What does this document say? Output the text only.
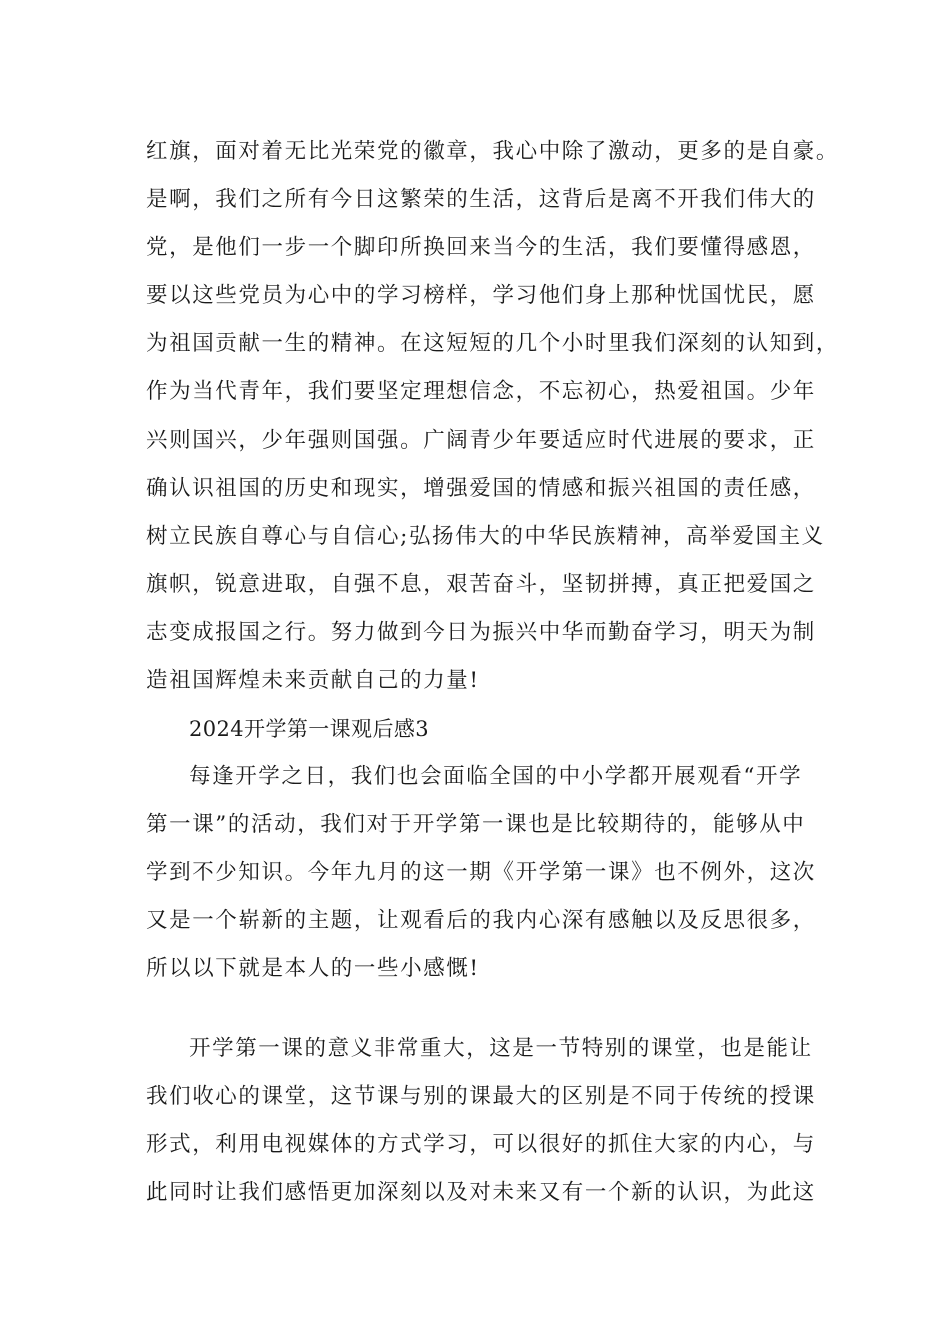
红旗，面对着无比光荣党的徽章，我心中除了激动，更多的是自豪。
是啊，我们之所有今日这繁荣的生活，这背后是离不开我们伟大的
党，是他们一步一个脚印所换回来当今的生活，我们要懂得感恩，
要以这些党员为心中的学习榜样，学习他们身上那种忧国忧民，愿
为祖国贡献一生的精神。在这短短的几个小时里我们深刻的认知到，
作为当代青年，我们要坚定理想信念，不忘初心，热爱祖国。少年
兴则国兴，少年强则国强。广阔青少年要适应时代进展的要求，正
确认识祖国的历史和现实，增强爱国的情感和振兴祖国的责任感，
树立民族自尊心与自信心;弘扬伟大的中华民族精神，高举爱国主义
旗帜，锐意进取，自强不息，艰苦奋斗，坚韧拼搏，真正把爱国之
志变成报国之行。努力做到今日为振兴中华而勤奋学习，明天为制
造祖国辉煌未来贡献自己的力量!
2024开学第一课观后感3
每逢开学之日，我们也会面临全国的中小学都开展观看“开学
第一课”的活动，我们对于开学第一课也是比较期待的，能够从中
学到不少知识。今年九月的这一期《开学第一课》也不例外，这次
又是一个崭新的主题，让观看后的我内心深有感触以及反思很多，
所以以下就是本人的一些小感慨!
开学第一课的意义非常重大，这是一节特别的课堂，也是能让
我们收心的课堂，这节课与别的课最大的区别是不同于传统的授课
形式，利用电视媒体的方式学习，可以很好的抓住大家的内心，与
此同时让我们感悟更加深刻以及对未来又有一个新的认识，为此这
